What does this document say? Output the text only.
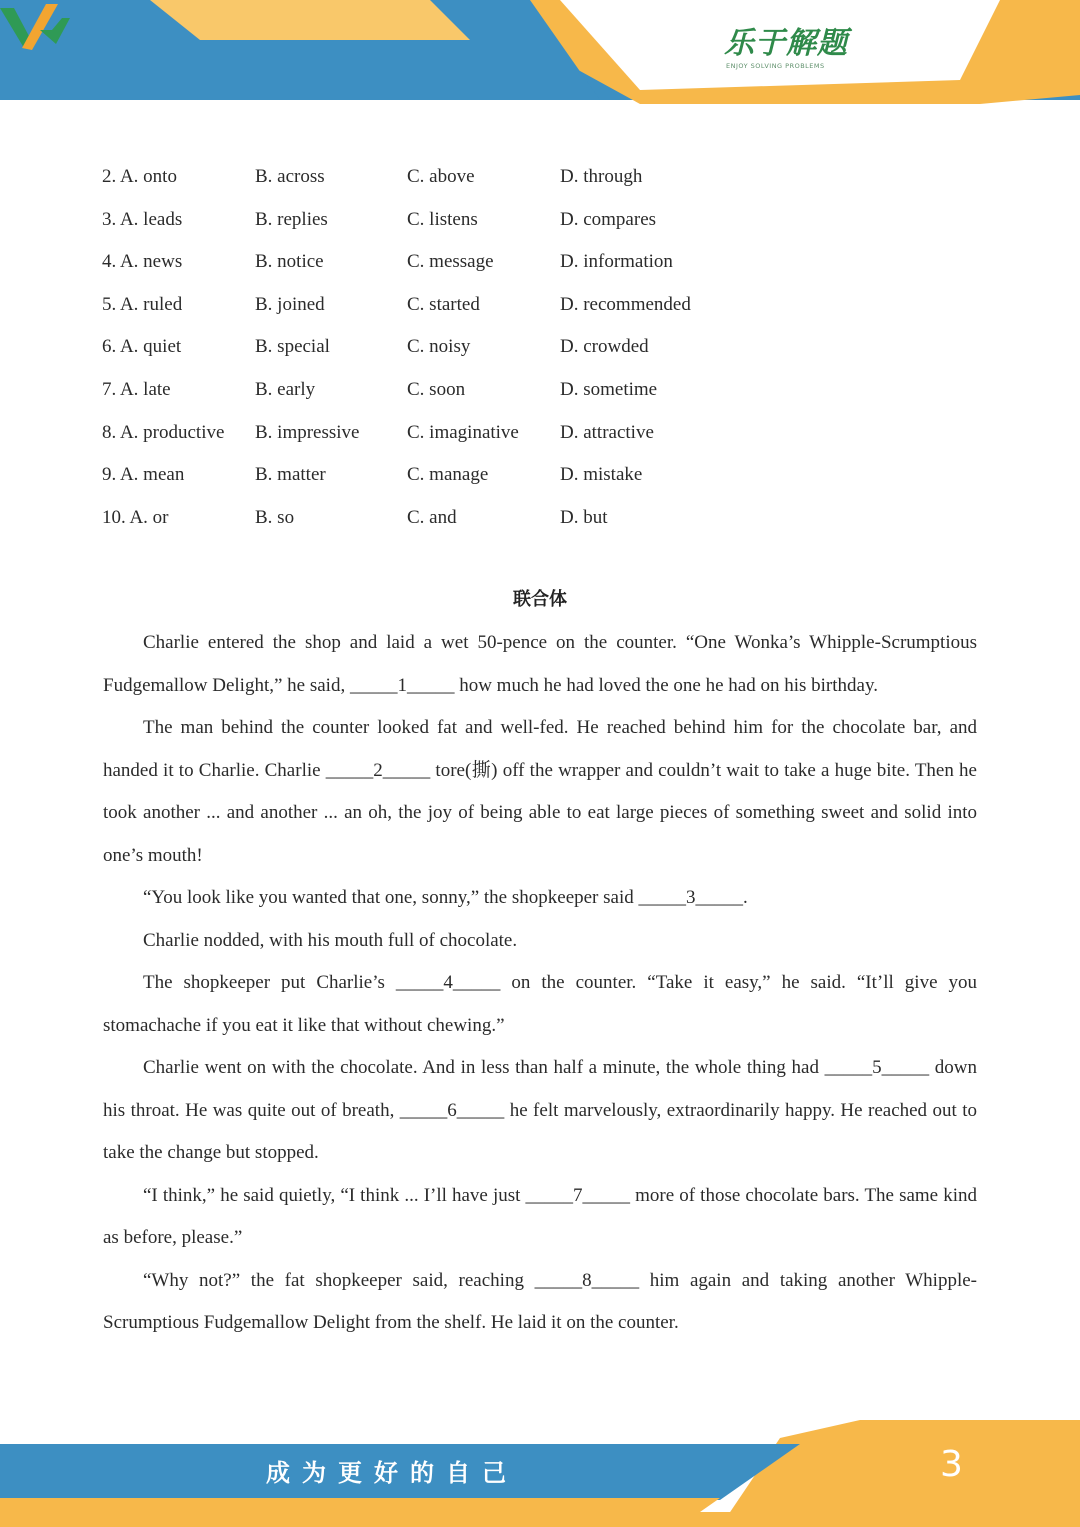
乐于解题
ENJOY SOLVING PROBLEMS
2. A. onto	B. across	C. above	D. through
3. A. leads	B. replies	C. listens	D. compares
4. A. news	B. notice	C. message	D. information
5. A. ruled	B. joined	C. started	D. recommended
6. A. quiet	B. special	C. noisy	D. crowded
7. A. late	B. early	C. soon	D. sometime
8. A. productive B. impressive	C. imaginative D. attractive
9. A. mean	B. matter	C. manage	D. mistake
10. A. or	B. so	C. and	D. but
联合体

Charlie entered the shop and laid a wet 50-pence on the counter. “One Wonka’s Whipple-Scrumptious Fudgemallow Delight,” he said, _____1_____ how much he had loved the one he had on his birthday.

The man behind the counter looked fat and well-fed. He reached behind him for the chocolate bar, and handed it to Charlie. Charlie _____2_____ tore(撕) off the wrapper and couldn’t wait to take a huge bite. Then he took another ... and another ... an oh, the joy of being able to eat large pieces of something sweet and solid into one’s mouth!

“You look like you wanted that one, sonny,” the shopkeeper said _____3_____.

Charlie nodded, with his mouth full of chocolate.

The shopkeeper put Charlie’s _____4_____ on the counter. “Take it easy,” he said. “It’ll give you stomachache if you eat it like that without chewing.”

Charlie went on with the chocolate. And in less than half a minute, the whole thing had _____5_____ down his throat. He was quite out of breath, _____6_____ he felt marvelously, extraordinarily happy. He reached out to take the change but stopped.

“I think,” he said quietly, “I think ... I’ll have just _____7_____ more of those chocolate bars. The same kind as before, please.”

“Why not?” the fat shopkeeper said, reaching _____8_____ him again and taking another Whipple-Scrumptious Fudgemallow Delight from the shelf. He laid it on the counter.

成为更好的自己	3
